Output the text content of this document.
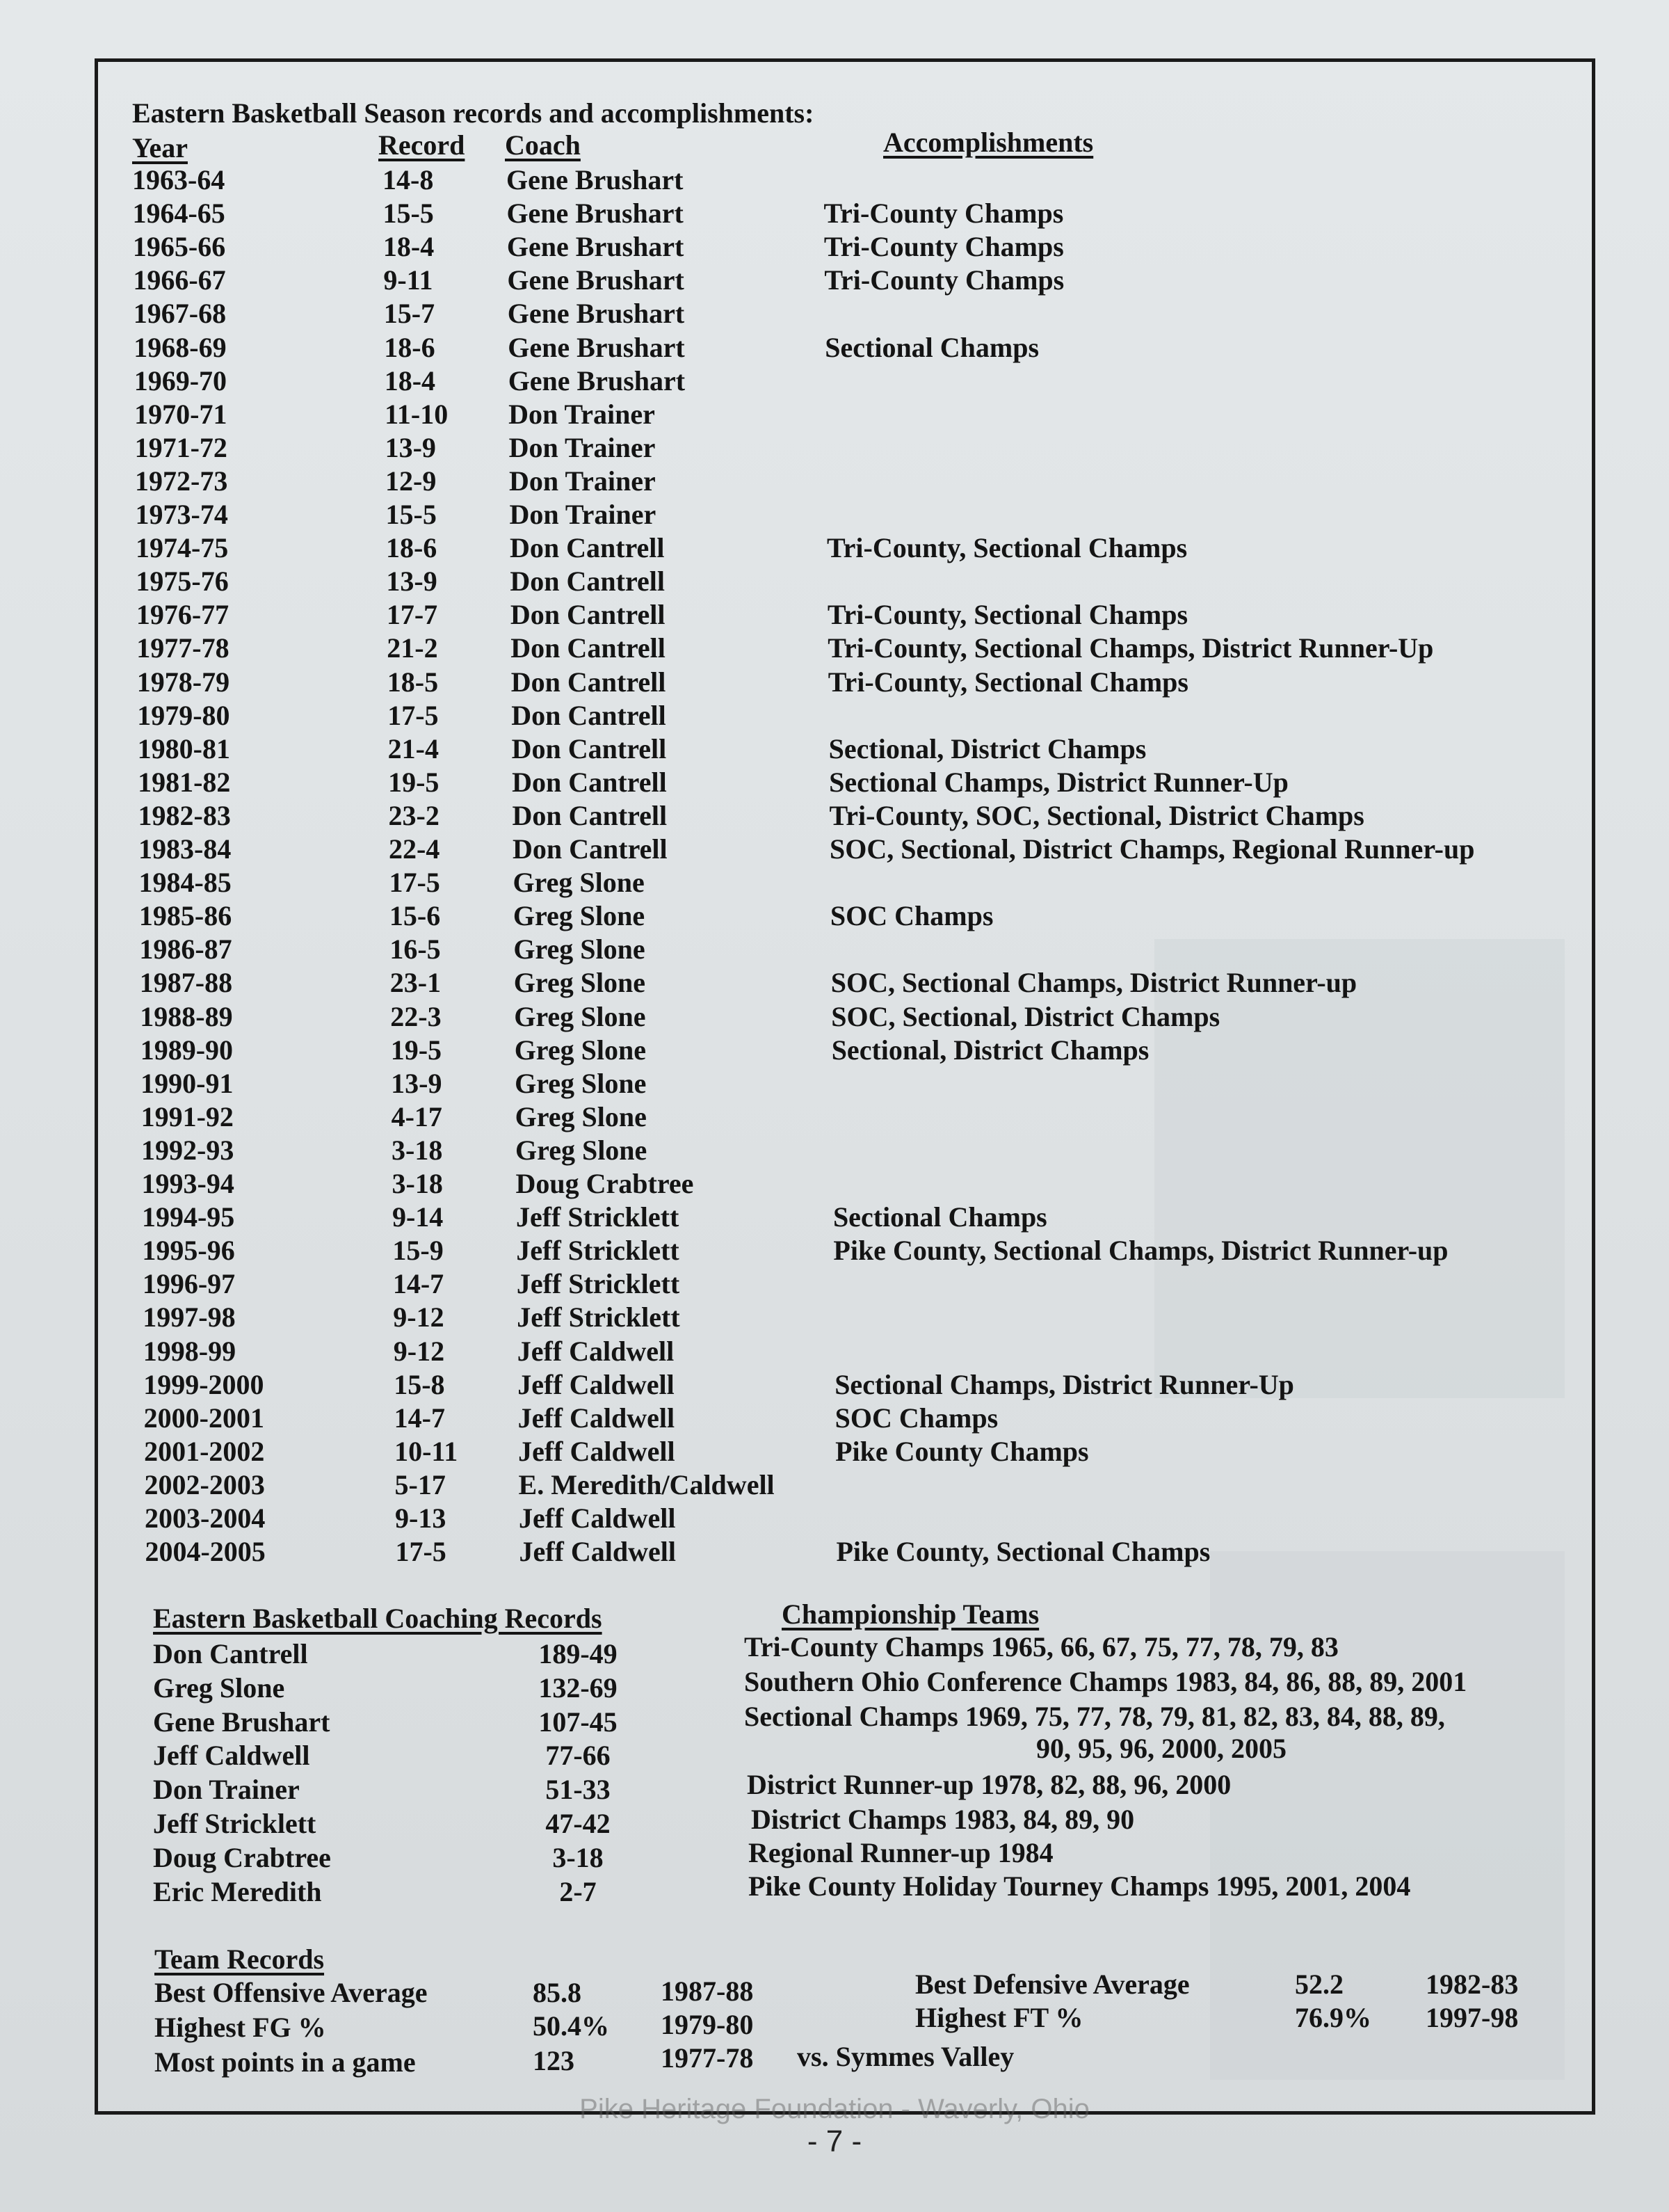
Eastern Basketball Season records and accomplishments:
Year	Record Coach	Accomplishments
1963-64	14-8	Gene Brushart
1964-65	15-5	Gene Brushart	Tri-County Champs
1965-66	18-4	Gene Brushart	Tri-County Champs
1966-67	9-11	Gene Brushart	Tri-County Champs
1967-68	15-7	Gene Brushart
1968-69	18-6	Gene Brushart	Sectional Champs
1969-70	18-4	Gene Brushart
1970-71	11-10 Don Trainer
1971-72	13-9	Don Trainer
1972-73	12-9	Don Trainer
1973-74	15-5	Don Trainer
1974-75	18-6	Don Cantrell	Tri-County, Sectional Champs
1975-76	13-9	Don Cantrell
1976-77	17-7	Don Cantrell	Tri-County, Sectional Champs
1977-78	21-2	Don Cantrell	Tri-County, Sectional Champs, District Runner-Up
1978-79	18-5	Don Cantrell	Tri-County, Sectional Champs
1979-80	17-5	Don Cantrell
1980-81	21-4	Don Cantrell	Sectional, District Champs
1981-82	19-5	Don Cantrell	Sectional Champs, District Runner-Up
1982-83	23-2	Don Cantrell	Tri-County, SOC, Sectional, District Champs
1983-84	22-4	Don Cantrell	SOC, Sectional, District Champs, Regional Runner-up
1984-85	17-5	Greg Slone
1985-86	15-6	Greg Slone	SOC Champs
1986-87	16-5	Greg Slone
1987-88	23-1	Greg Slone	SOC, Sectional Champs, District Runner-up
1988-89	22-3	Greg Slone	SOC, Sectional, District Champs
1989-90	19-5	Greg Slone	Sectional, District Champs
1990-91	13-9	Greg Slone
1991-92	4-17	Greg Slone
1992-93	3-18	Greg Slone
1993-94	3-18	Doug Crabtree
1994-95	9-14	Jeff Stricklett	Sectional Champs
1995-96	15-9	Jeff Stricklett	Pike County, Sectional Champs, District Runner-up
1996-97	14-7	Jeff Stricklett
1997-98	9-12	Jeff Stricklett
1998-99	9-12	Jeff Caldwell
1999-2000	15-8	Jeff Caldwell	Sectional Champs, District Runner-Up
2000-2001	14-7	Jeff Caldwell	SOC Champs
2001-2002	10-11 Jeff Caldwell	Pike County Champs
2002-2003	5-17	E. Meredith/Caldwell
2003-2004	9-13	Jeff Caldwell
2004-2005	17-5	Jeff Caldwell	Pike County, Sectional Champs
Eastern Basketball Coaching Records
Don Cantrell	189-49
Greg Slone	132-69
Gene Brushart	107-45
Jeff Caldwell	77-66
Don Trainer	51-33
Jeff Stricklett	47-42
Doug Crabtree	3-18
Eric Meredith	2-7
Championship Teams
Tri-County Champs 1965, 66, 67, 75, 77, 78, 79, 83
Southern Ohio Conference Champs 1983, 84, 86, 88, 89, 2001
Sectional Champs 1969, 75, 77, 78, 79, 81, 82, 83, 84, 88, 89,
90, 95, 96, 2000, 2005
District Runner-up 1978, 82, 88, 96, 2000
District Champs 1983, 84, 89, 90
Regional Runner-up 1984
Pike County Holiday Tourney Champs 1995, 2001, 2004
Team Records
Best Offensive Average	85.8	1987-88
Highest FG %	50.4% 1979-80
Most points in a game	123	1977-78 vs. Symmes Valley
Best Defensive Average	52.2	1982-83
Highest FT %	76.9% 1997-98
Pike Heritage Foundation - Waverly, Ohio
- 7 -
